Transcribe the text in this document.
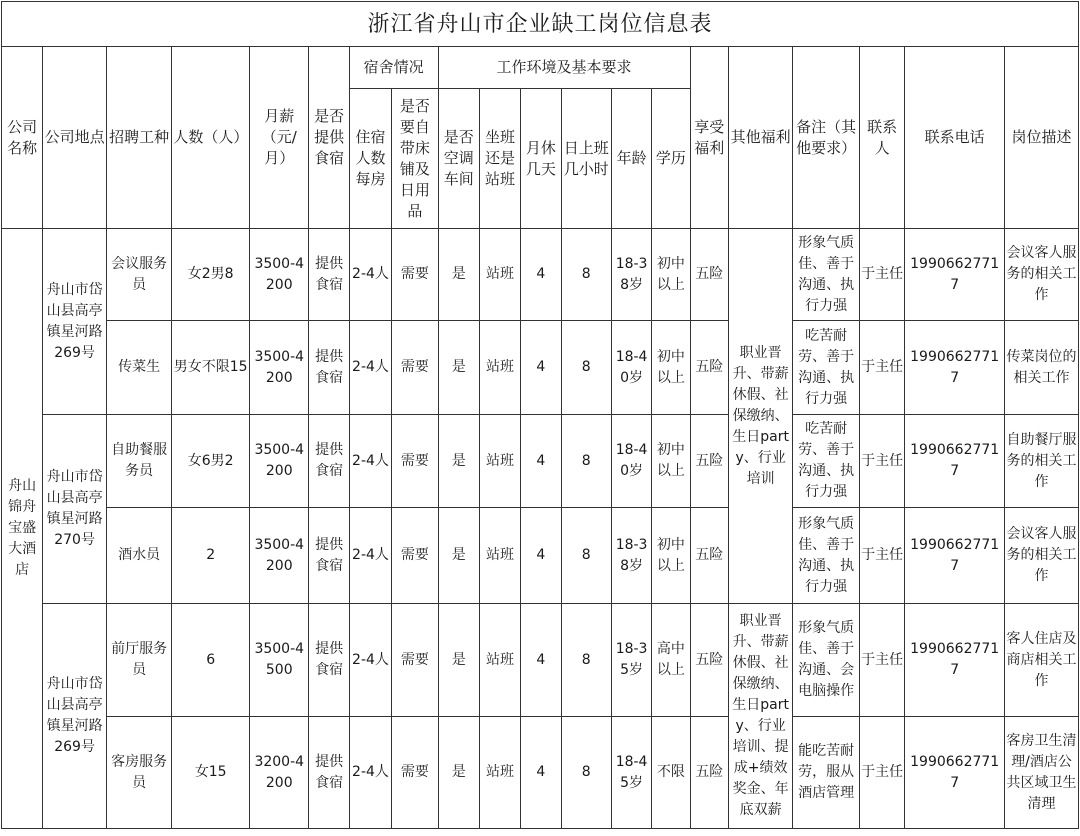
浙江省舟山市企业缺工岗位信息表																			
公司名称	公司地点	招聘工种	人数（人）	月薪（元/月）	是否提供食宿	宿舍情况		工作环境及基本要求						享受福利	其他福利	备注（其他要求）	联系人	联系电话	岗位描述
						住宿人数每房	是否要自带床铺及日用品	是否空调车间	坐班还是站班	月休几天	日上班几小时	年龄	学历						
舟山锦舟宝盛大酒店	舟山市岱山县高亭镇星河路269号	会议服务员	女2男8	3500-4200	提供食宿	2-4人	需要	是	站班	4	8	18-38岁	初中以上	五险	职业晋升、带薪休假、社保缴纳、生日party、行业培训	形象气质佳、善于沟通、执行力强	于主任	19906627717	会议客人服务的相关工作
		传菜生	男女不限15	3500-4200	提供食宿	2-4人	需要	是	站班	4	8	18-40岁	初中以上	五险		吃苦耐劳、善于沟通、执行力强	于主任	19906627717	传菜岗位的相关工作
	舟山市岱山县高亭镇星河路270号	自助餐服务员	女6男2	3500-4200	提供食宿	2-4人	需要	是	站班	4	8	18-40岁	初中以上	五险		吃苦耐劳、善于沟通、执行力强	于主任	19906627717	自助餐厅服务的相关工作
		酒水员	2	3500-4200	提供食宿	2-4人	需要	是	站班	4	8	18-38岁	初中以上	五险		形象气质佳、善于沟通、执行力强	于主任	19906627717	会议客人服务的相关工作
	舟山市岱山县高亭镇星河路269号	前厅服务员	6	3500-4500	提供食宿	2-4人	需要	是	站班	4	8	18-35岁	高中以上	五险	职业晋升、带薪休假、社保缴纳、生日party、行业培训、提成+绩效奖金、年底双薪	形象气质佳、善于沟通、会电脑操作	于主任	19906627717	客人住店及商店相关工作
		客房服务员	女15	3200-4200	提供食宿	2-4人	需要	是	站班	4	8	18-45岁	不限	五险		能吃苦耐劳，服从酒店管理	于主任	19906627717	客房卫生清理/酒店公共区域卫生清理
